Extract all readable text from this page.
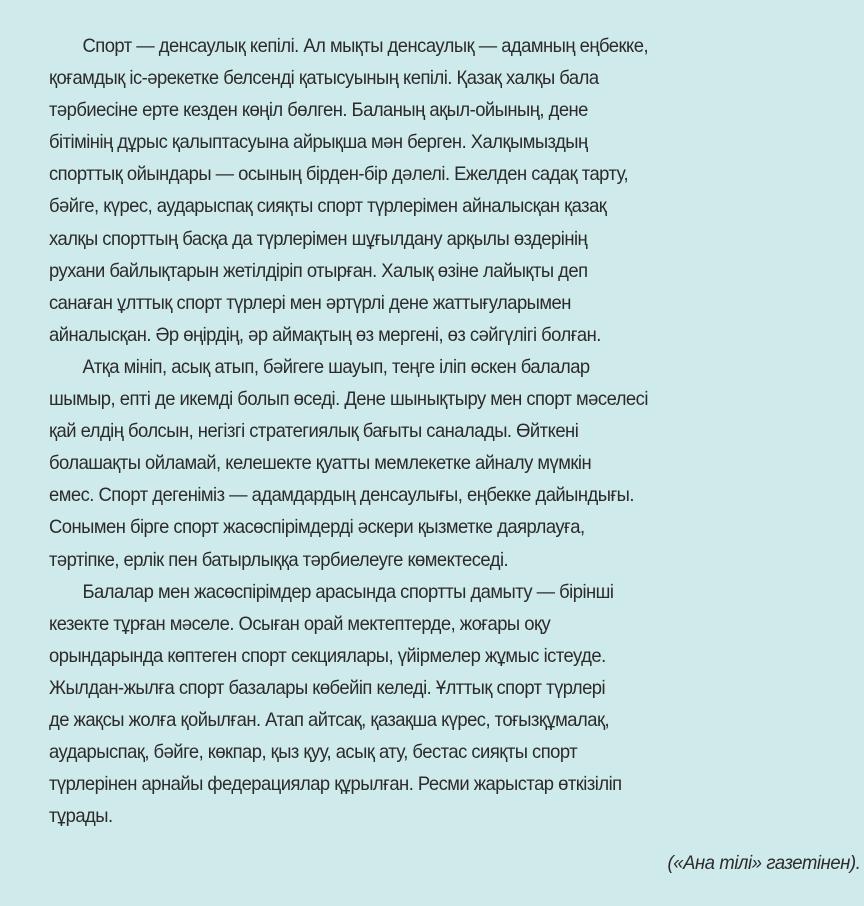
Спорт — денсаулық кепілі. Ал мықты денсаулық — адамның еңбекке,
қоғамдық іс-әрекетке белсенді қатысуының кепілі. Қазақ халқы бала
тәрбиесіне ерте кезден көңіл бөлген. Баланың ақыл-ойының, дене
бітімінің дұрыс қалыптасуына айрықша мән берген. Халқымыздың
спорттық ойындары — осының бірден-бір дәлелі. Ежелден садақ тарту,
бәйге, күрес, аударыспақ сияқты спорт түрлерімен айналысқан қазақ
халқы спорттың басқа да түрлерімен шұғылдану арқылы өздерінің
рухани байлықтарын жетілдіріп отырған. Халық өзіне лайықты деп
санаған ұлттық спорт түрлері мен әртүрлі дене жаттығуларымен
айналысқан. Әр өңірдің, әр аймақтың өз мергені, өз сәйгүлігі болған.
Атқа мініп, асық атып, бәйгеге шауып, теңге іліп өскен балалар
шымыр, епті де икемді болып өседі. Дене шынықтыру мен спорт мәселесі
қай елдің болсын, негізгі стратегиялық бағыты саналады. Өйткені
болашақты ойламай, келешекте қуатты мемлекетке айналу мүмкін
емес. Спорт дегеніміз — адамдардың денсаулығы, еңбекке дайындығы.
Сонымен бірге спорт жасөспірімдерді әскери қызметке даярлауға,
тәртіпке, ерлік пен батырлыққа тәрбиелеуге көмектеседі.
Балалар мен жасөспірімдер арасында спортты дамыту — бірінші
кезекте тұрған мәселе. Осыған орай мектептерде, жоғары оқу
орындарында көптеген спорт секциялары, үйірмелер жұмыс істеуде.
Жылдан-жылға спорт базалары көбейіп келеді. Ұлттық спорт түрлері
де жақсы жолға қойылған. Атап айтсақ, қазақша күрес, тоғызқұмалақ,
аударыспақ, бәйге, көкпар, қыз қуу, асық ату, бестас сияқты спорт
түрлерінен арнайы федерациялар құрылған. Ресми жарыстар өткізіліп
тұрады.
(«Ана тілі» газетінен).
